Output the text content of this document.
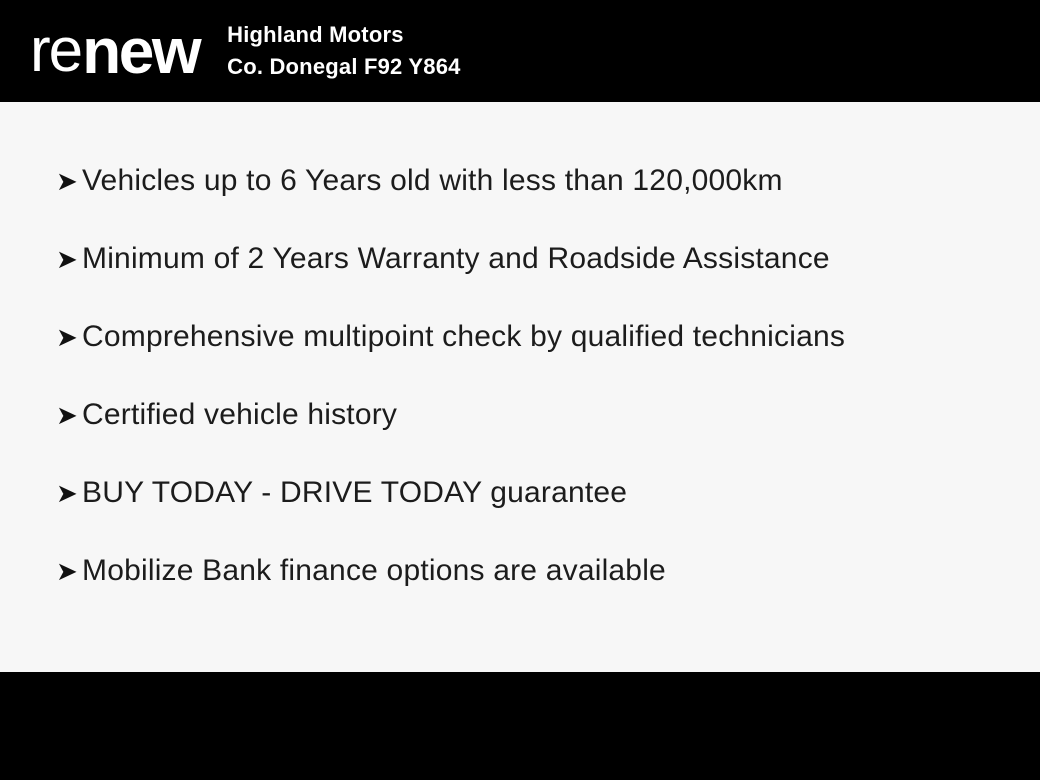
re new Highland Motors
Co. Donegal F92 Y864
➤ Vehicles up to 6 Years old with less than 120,000km
➤ Minimum of 2 Years Warranty and Roadside Assistance
➤ Comprehensive multipoint check by qualified technicians
➤ Certified vehicle history
➤ BUY TODAY - DRIVE TODAY guarantee
➤ Mobilize Bank finance options are available
